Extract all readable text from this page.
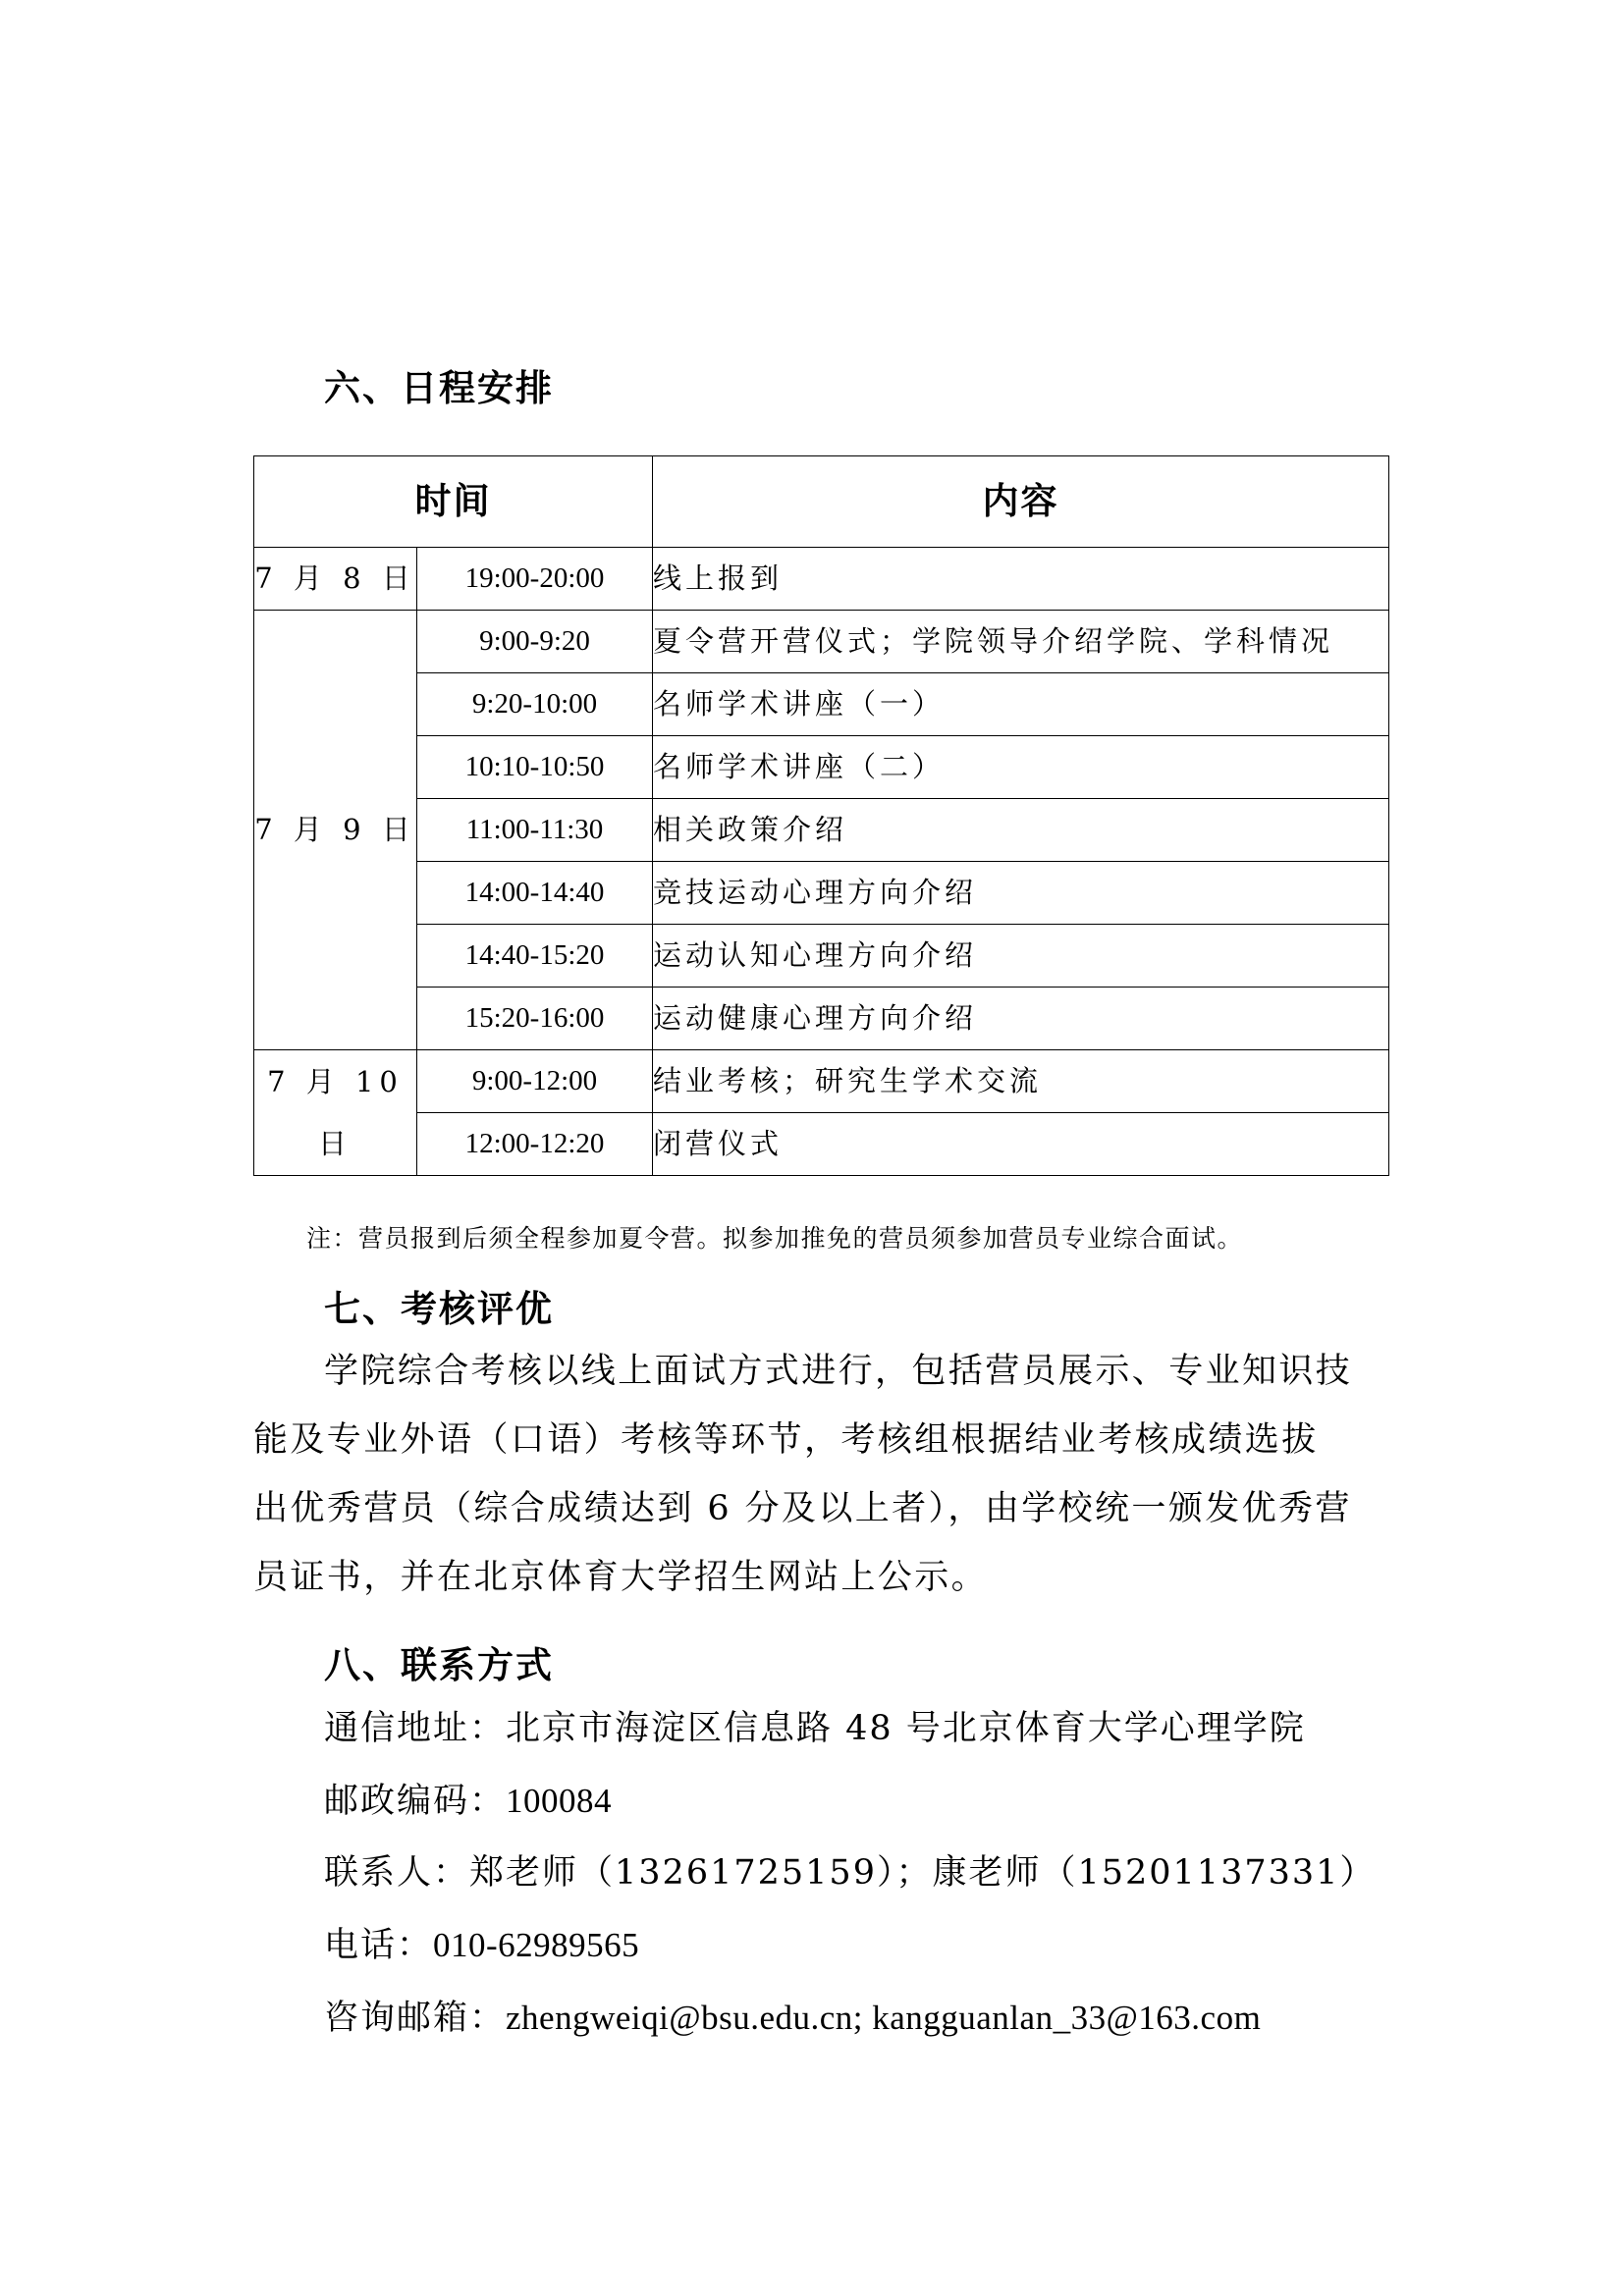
六、日程安排
时间		内容
7 月 8 日	19:00-20:00	线上报到
7 月 9 日	9:00-9:20	夏令营开营仪式；学院领导介绍学院、学科情况
	9:20-10:00	名师学术讲座（一）
	10:10-10:50	名师学术讲座（二）
	11:00-11:30	相关政策介绍
	14:00-14:40	竞技运动心理方向介绍
	14:40-15:20	运动认知心理方向介绍
	15:20-16:00	运动健康心理方向介绍
7 月 10 日	9:00-12:00	结业考核；研究生学术交流
	12:00-12:20	闭营仪式
注：营员报到后须全程参加夏令营。拟参加推免的营员须参加营员专业综合面试。
七、考核评优
学院综合考核以线上面试方式进行，包括营员展示、专业知识技
能及专业外语（口语）考核等环节，考核组根据结业考核成绩选拔
出优秀营员（综合成绩达到 6 分及以上者），由学校统一颁发优秀营
员证书，并在北京体育大学招生网站上公示。
八、联系方式
通信地址：北京市海淀区信息路 48 号北京体育大学心理学院
邮政编码：100084
联系人：郑老师（13261725159）；康老师（15201137331）
电话：010-62989565
咨询邮箱：zhengweiqi@bsu.edu.cn; kangguanlan_33@163.com
